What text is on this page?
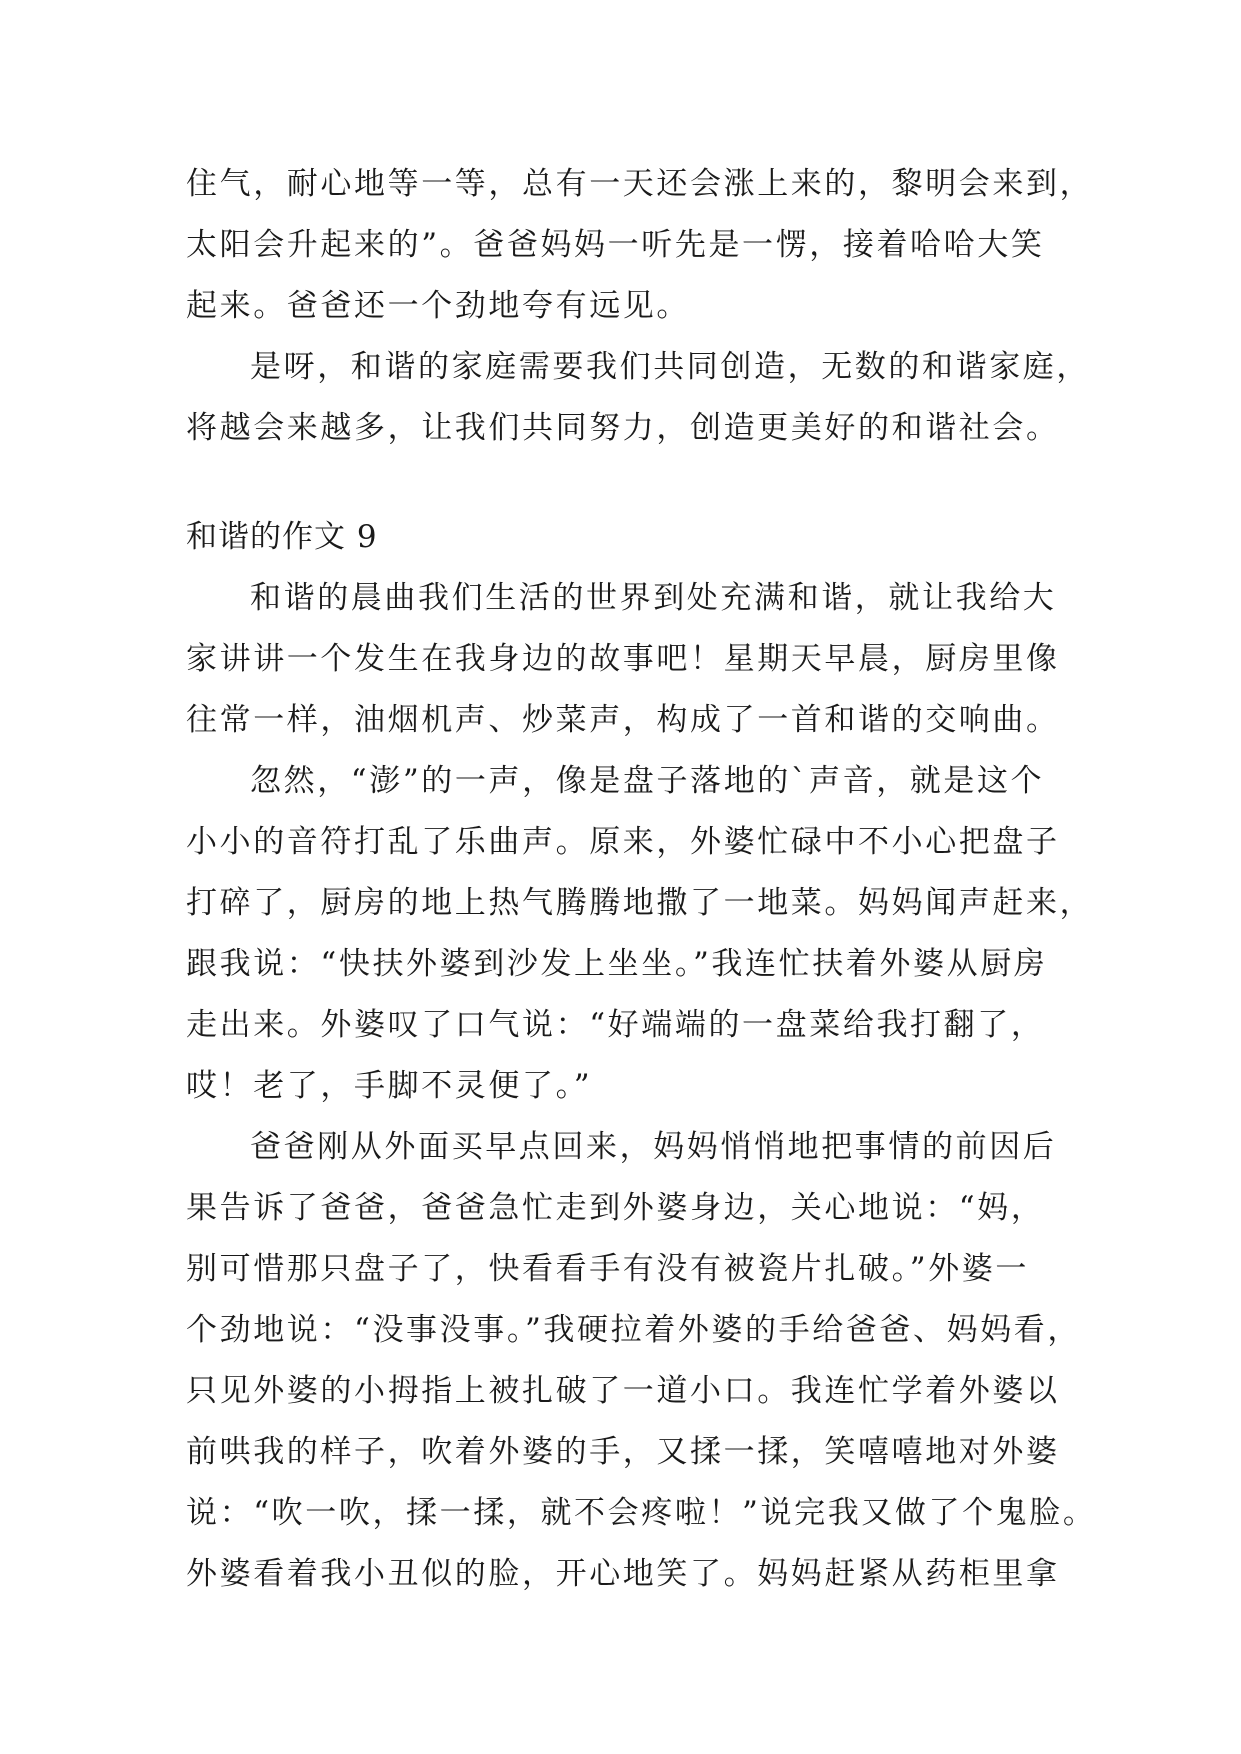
住气，耐心地等一等，总有一天还会涨上来的，黎明会来到，
太阳会升起来的”。爸爸妈妈一听先是一愣，接着哈哈大笑
起来。爸爸还一个劲地夸有远见。
是呀，和谐的家庭需要我们共同创造，无数的和谐家庭，
将越会来越多，让我们共同努力，创造更美好的和谐社会。
和谐的作文 9
和谐的晨曲我们生活的世界到处充满和谐，就让我给大
家讲讲一个发生在我身边的故事吧！星期天早晨，厨房里像
往常一样，油烟机声、炒菜声，构成了一首和谐的交响曲。
忽然，“澎”的一声，像是盘子落地的`声音，就是这个
小小的音符打乱了乐曲声。原来，外婆忙碌中不小心把盘子
打碎了，厨房的地上热气腾腾地撒了一地菜。妈妈闻声赶来，
跟我说：“快扶外婆到沙发上坐坐。”我连忙扶着外婆从厨房
走出来。外婆叹了口气说：“好端端的一盘菜给我打翻了，
哎！老了，手脚不灵便了。”
爸爸刚从外面买早点回来，妈妈悄悄地把事情的前因后
果告诉了爸爸，爸爸急忙走到外婆身边，关心地说：“妈，
别可惜那只盘子了，快看看手有没有被瓷片扎破。”外婆一
个劲地说：“没事没事。”我硬拉着外婆的手给爸爸、妈妈看，
只见外婆的小拇指上被扎破了一道小口。我连忙学着外婆以
前哄我的样子，吹着外婆的手，又揉一揉，笑嘻嘻地对外婆
说：“吹一吹，揉一揉，就不会疼啦！”说完我又做了个鬼脸。
外婆看着我小丑似的脸，开心地笑了。妈妈赶紧从药柜里拿
